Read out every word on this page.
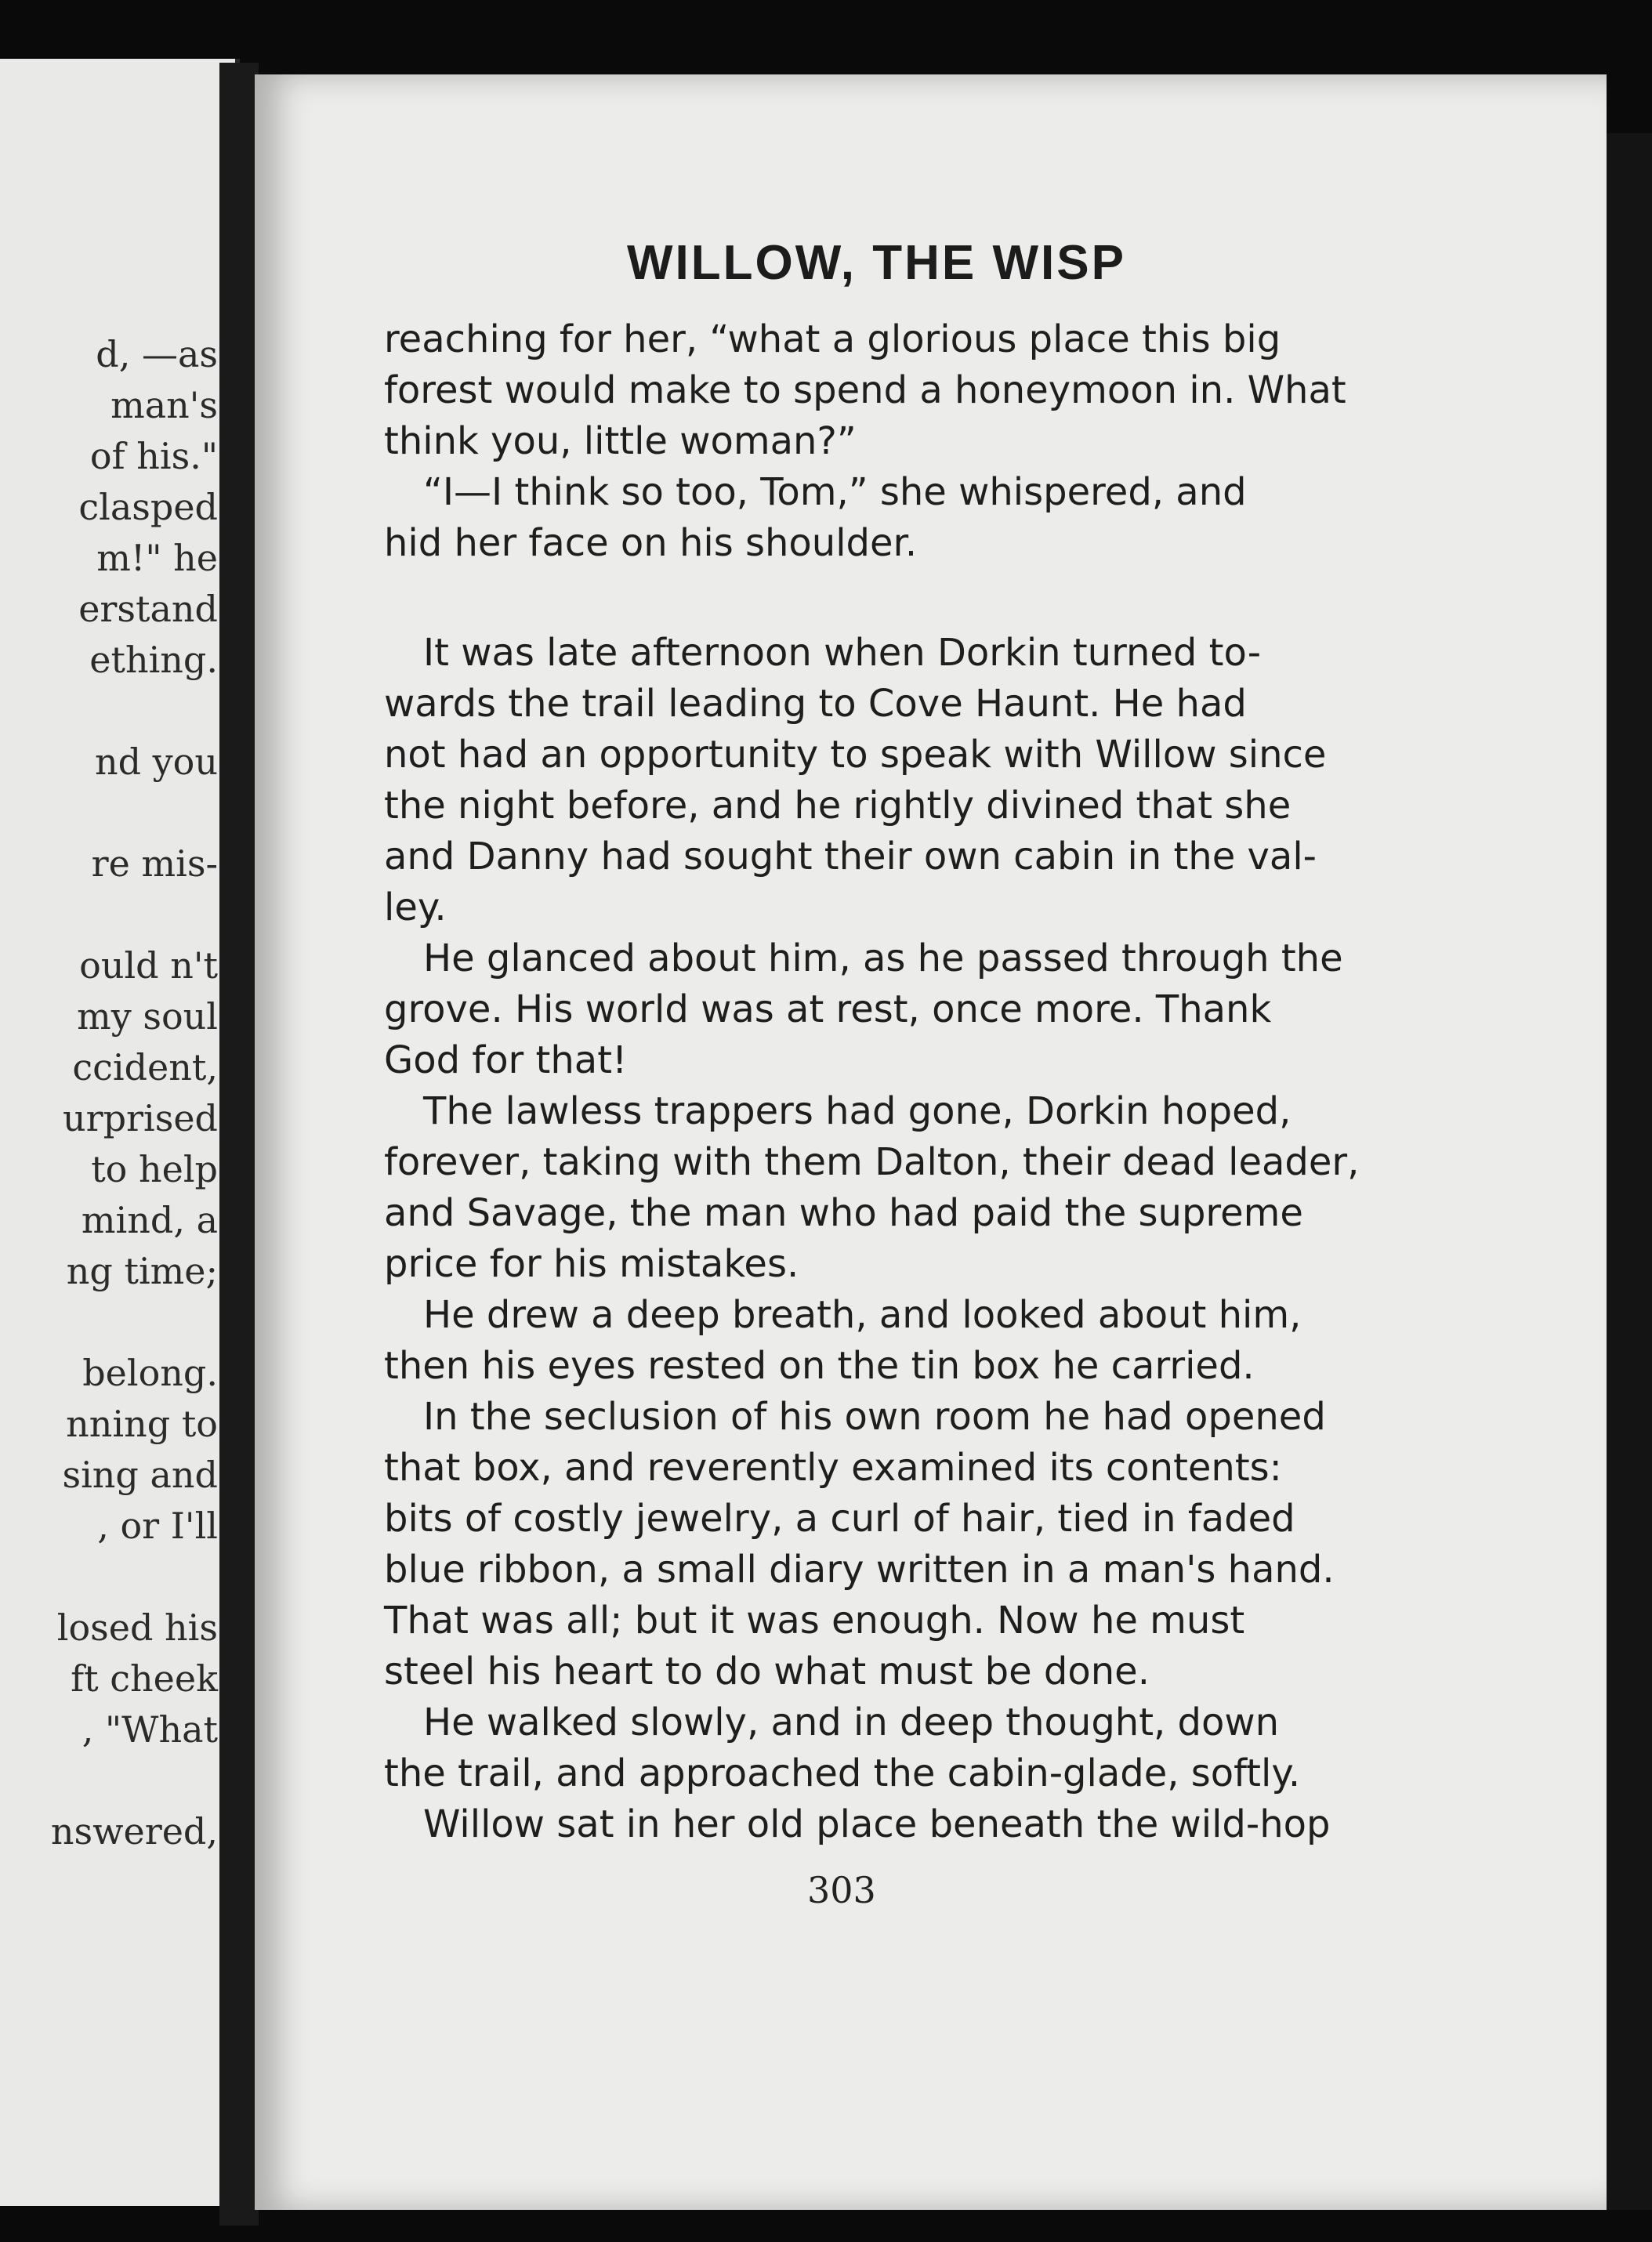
d, —as
man's
of his."
clasped
m!" he
erstand
ething.
nd you
re mis-
ould n't
my soul
ccident,
urprised
to help
mind, a
ng time;
belong.
nning to
sing and
, or I'll
losed his
ft cheek
, "What
nswered,
WILLOW, THE WISP
reaching for her, “what a glorious place this big
forest would make to spend a honeymoon in. What
think you, little woman?”
“I—I think so too, Tom,” she whispered, and
hid her face on his shoulder.
It was late afternoon when Dorkin turned to-
wards the trail leading to Cove Haunt. He had
not had an opportunity to speak with Willow since
the night before, and he rightly divined that she
and Danny had sought their own cabin in the val-
ley.
He glanced about him, as he passed through the
grove. His world was at rest, once more. Thank
God for that!
The lawless trappers had gone, Dorkin hoped,
forever, taking with them Dalton, their dead leader,
and Savage, the man who had paid the supreme
price for his mistakes.
He drew a deep breath, and looked about him,
then his eyes rested on the tin box he carried.
In the seclusion of his own room he had opened
that box, and reverently examined its contents:
bits of costly jewelry, a curl of hair, tied in faded
blue ribbon, a small diary written in a man's hand.
That was all; but it was enough. Now he must
steel his heart to do what must be done.
He walked slowly, and in deep thought, down
the trail, and approached the cabin-glade, softly.
Willow sat in her old place beneath the wild-hop
303
